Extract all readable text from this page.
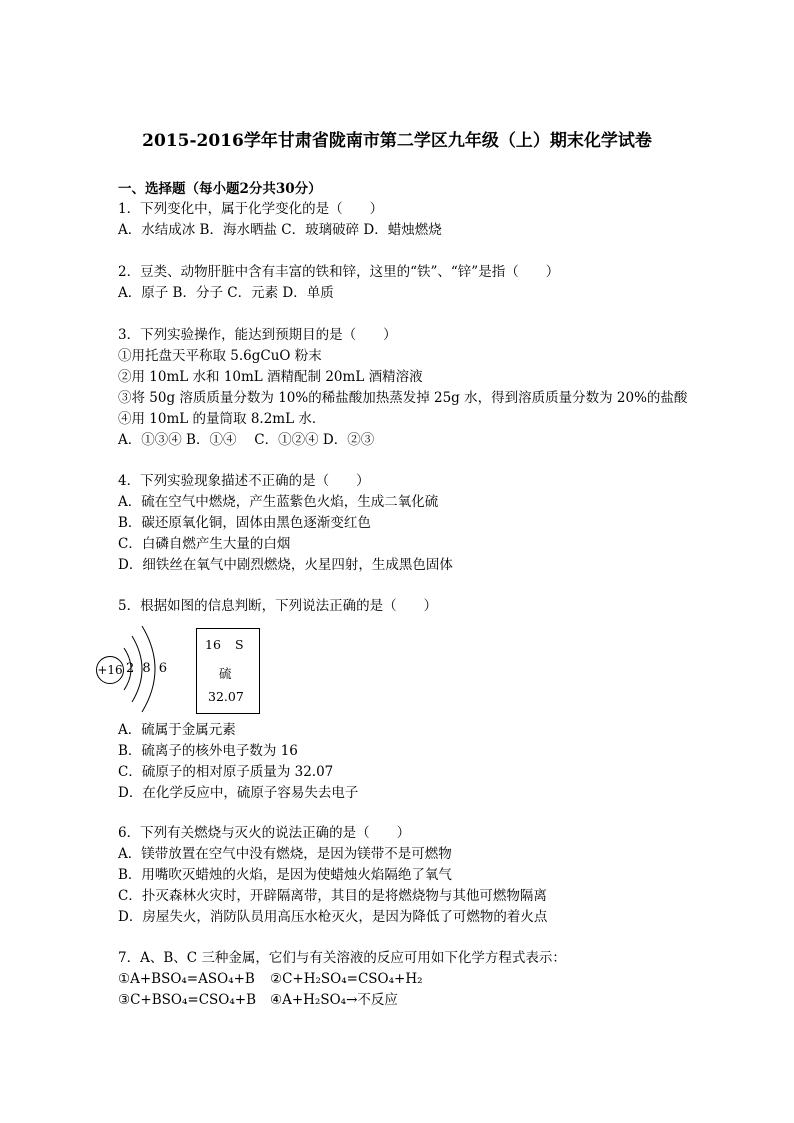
2015-2016学年甘肃省陇南市第二学区九年级（上）期末化学试卷
一、选择题（每小题2分共30分）
1．下列变化中，属于化学变化的是（　　）
A．水结成冰 B．海水晒盐 C．玻璃破碎 D．蜡烛燃烧
2．豆类、动物肝脏中含有丰富的铁和锌，这里的“铁”、“锌”是指（　　）
A．原子 B．分子 C．元素 D．单质
3．下列实验操作，能达到预期目的是（　　）
①用托盘天平称取 5.6gCuO 粉末
②用 10mL 水和 10mL 酒精配制 20mL 酒精溶液
③将 50g 溶质质量分数为 10%的稀盐酸加热蒸发掉 25g 水，得到溶质质量分数为 20%的盐酸
④用 10mL 的量筒取 8.2mL 水．
A．①③④ B．①④　 C．①②④ D．②③
4．下列实验现象描述不正确的是（　　）
A．硫在空气中燃烧，产生蓝紫色火焰，生成二氧化硫
B．碳还原氧化铜，固体由黑色逐渐变红色
C．白磷自燃产生大量的白烟
D．细铁丝在氧气中剧烈燃烧，火星四射，生成黑色固体
5．根据如图的信息判断，下列说法正确的是（　　）
+16 2 8 6
16 S
硫
32.07
A．硫属于金属元素
B．硫离子的核外电子数为 16
C．硫原子的相对原子质量为 32.07
D．在化学反应中，硫原子容易失去电子
6．下列有关燃烧与灭火的说法正确的是（　　）
A．镁带放置在空气中没有燃烧，是因为镁带不是可燃物
B．用嘴吹灭蜡烛的火焰，是因为使蜡烛火焰隔绝了氧气
C．扑灭森林火灾时，开辟隔离带，其目的是将燃烧物与其他可燃物隔离
D．房屋失火，消防队员用高压水枪灭火，是因为降低了可燃物的着火点
7．A、B、C 三种金属，它们与有关溶液的反应可用如下化学方程式表示：
①A+BSO₄=ASO₄+B ②C+H₂SO₄=CSO₄+H₂
③C+BSO₄=CSO₄+B ④A+H₂SO₄→不反应
